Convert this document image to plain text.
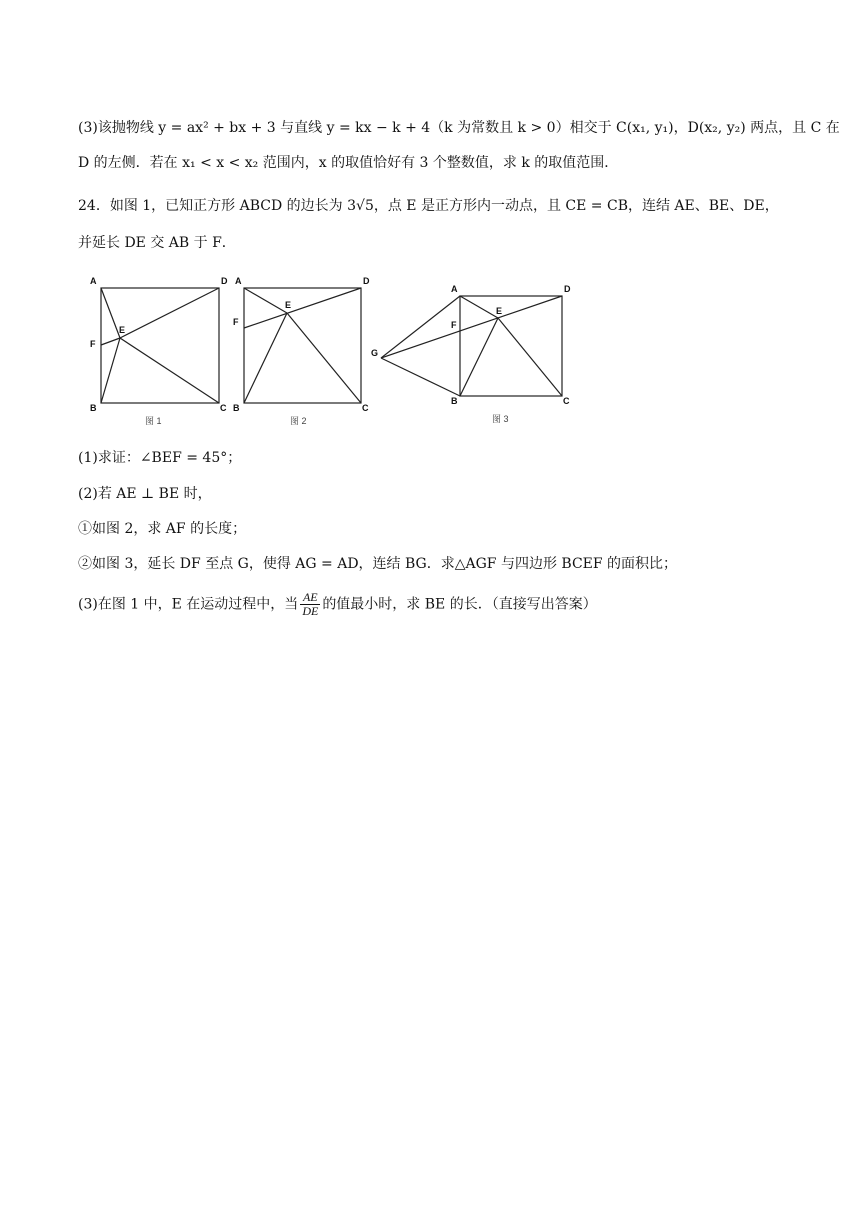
(3)该抛物线 y = ax² + bx + 3 与直线 y = kx − k + 4（k 为常数且 k > 0）相交于 C(x₁, y₁)，D(x₂, y₂) 两点，且 C 在
D 的左侧．若在 x₁ < x < x₂ 范围内，x 的取值恰好有 3 个整数值，求 k 的取值范围．
24．如图 1，已知正方形 ABCD 的边长为 3√5，点 E 是正方形内一动点，且 CE = CB，连结 AE、BE、DE，
并延长 DE 交 AB 于 F．
A	D
E
F
B	C
图 1
A	D
E
F
B	C
图 2
A	D
E
F
G
B	C
图 3
(1)求证：∠BEF = 45°；
(2)若 AE ⊥ BE 时，
①如图 2，求 AF 的长度；
②如图 3，延长 DF 至点 G，使得 AG = AD，连结 BG．求△AGF 与四边形 BCEF 的面积比；
(3)在图 1 中，E 在运动过程中，当 $\frac{AE}{DE}$ 的值最小时，求 BE 的长．（直接写出答案）
